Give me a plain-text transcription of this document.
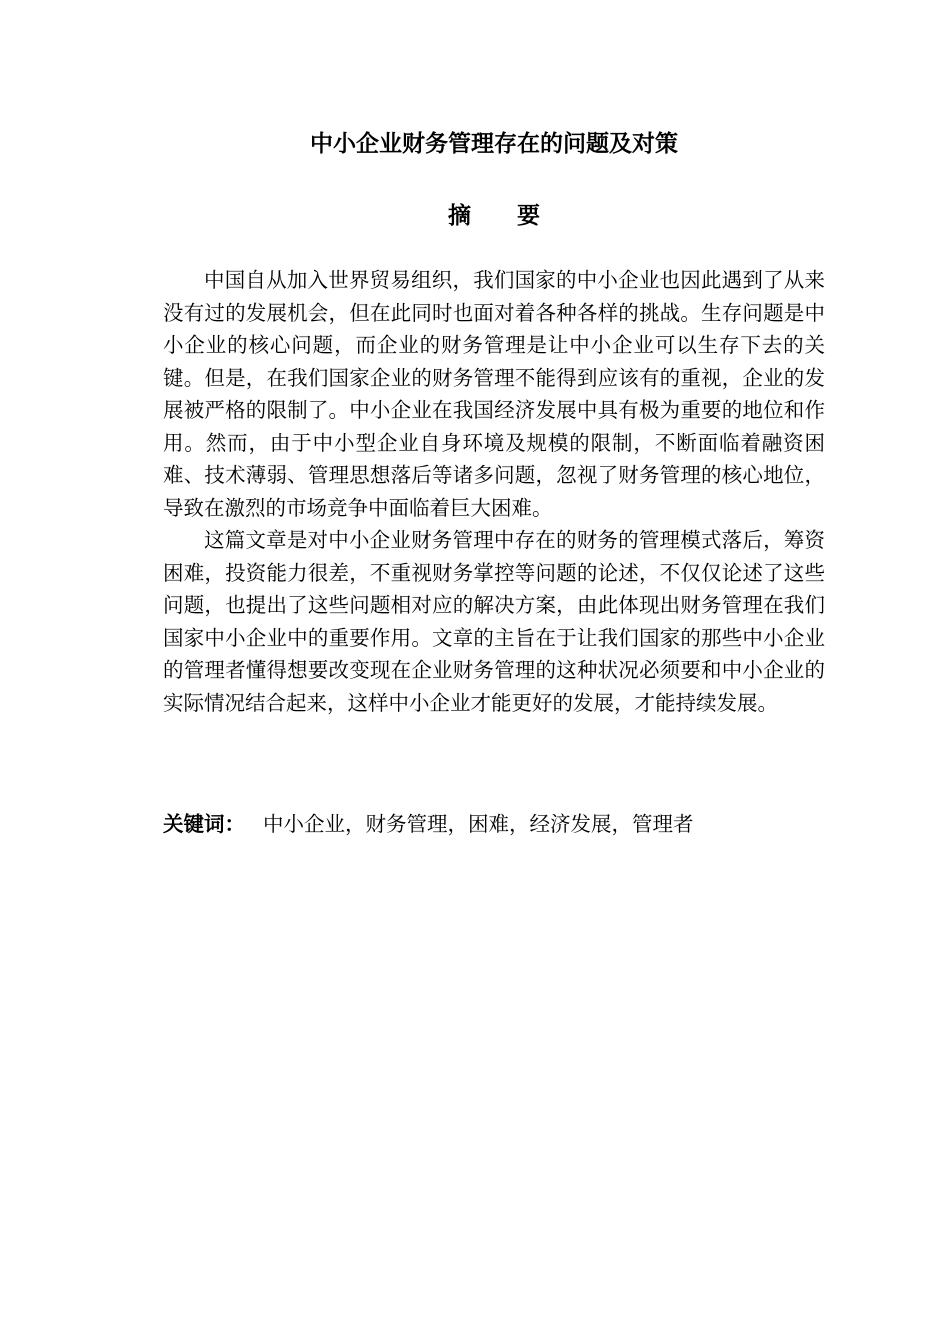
中小企业财务管理存在的问题及对策
摘　　要

中国自从加入世界贸易组织，我们国家的中小企业也因此遇到了从来没有过的发展机会，但在此同时也面对着各种各样的挑战。生存问题是中小企业的核心问题，而企业的财务管理是让中小企业可以生存下去的关键。但是，在我们国家企业的财务管理不能得到应该有的重视，企业的发展被严格的限制了。中小企业在我国经济发展中具有极为重要的地位和作用。然而，由于中小型企业自身环境及规模的限制，不断面临着融资困难、技术薄弱、管理思想落后等诸多问题，忽视了财务管理的核心地位，导致在激烈的市场竞争中面临着巨大困难。

这篇文章是对中小企业财务管理中存在的财务的管理模式落后，筹资困难，投资能力很差，不重视财务掌控等问题的论述，不仅仅论述了这些问题，也提出了这些问题相对应的解决方案，由此体现出财务管理在我们国家中小企业中的重要作用。文章的主旨在于让我们国家的那些中小企业的管理者懂得想要改变现在企业财务管理的这种状况必须要和中小企业的实际情况结合起来，这样中小企业才能更好的发展，才能持续发展。

关键词： 中小企业，财务管理，困难，经济发展，管理者
